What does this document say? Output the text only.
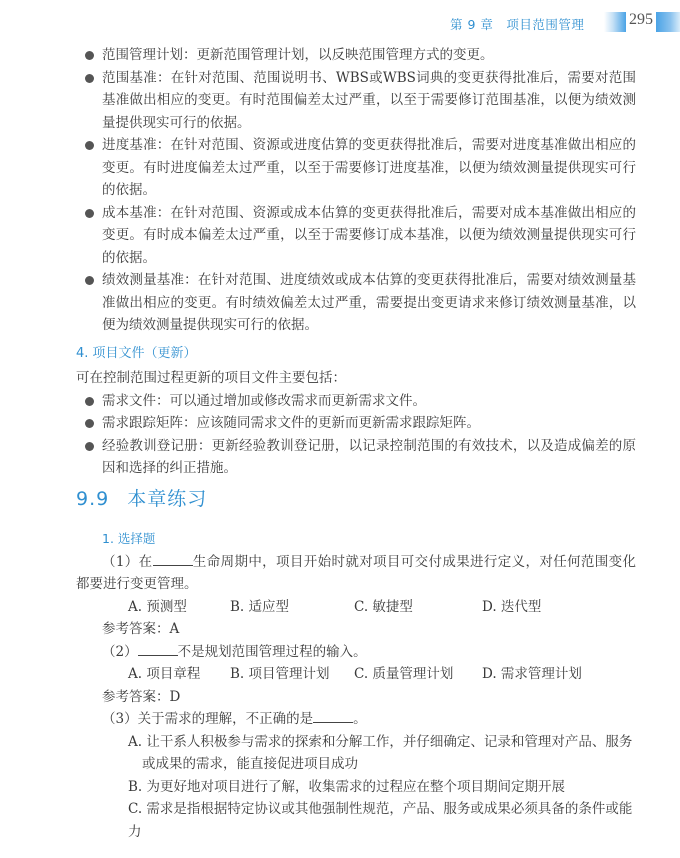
第 9 章　项目范围管理	295
范围管理计划：更新范围管理计划，以反映范围管理方式的变更。
范围基准：在针对范围、范围说明书、WBS或WBS词典的变更获得批准后，需要对范围基准做出相应的变更。有时范围偏差太过严重，以至于需要修订范围基准，以便为绩效测量提供现实可行的依据。
进度基准：在针对范围、资源或进度估算的变更获得批准后，需要对进度基准做出相应的变更。有时进度偏差太过严重，以至于需要修订进度基准，以便为绩效测量提供现实可行的依据。
成本基准：在针对范围、资源或成本估算的变更获得批准后，需要对成本基准做出相应的变更。有时成本偏差太过严重，以至于需要修订成本基准，以便为绩效测量提供现实可行的依据。
绩效测量基准：在针对范围、进度绩效或成本估算的变更获得批准后，需要对绩效测量基准做出相应的变更。有时绩效偏差太过严重，需要提出变更请求来修订绩效测量基准，以便为绩效测量提供现实可行的依据。
4. 项目文件（更新）
可在控制范围过程更新的项目文件主要包括：
需求文件：可以通过增加或修改需求而更新需求文件。
需求跟踪矩阵：应该随同需求文件的更新而更新需求跟踪矩阵。
经验教训登记册：更新经验教训登记册，以记录控制范围的有效技术，以及造成偏差的原因和选择的纠正措施。
9.9 本章练习
1. 选择题
（1）在	生命周期中，项目开始时就对项目可交付成果进行定义，对任何范围变化都要进行变更管理。
A. 预测型	B. 适应型	C. 敏捷型	D. 迭代型
参考答案：A
（2）	不是规划范围管理过程的输入。
A. 项目章程	B. 项目管理计划	C. 质量管理计划	D. 需求管理计划
参考答案：D
（3）关于需求的理解，不正确的是	。
A. 让干系人积极参与需求的探索和分解工作，并仔细确定、记录和管理对产品、服务
或成果的需求，能直接促进项目成功
B. 为更好地对项目进行了解，收集需求的过程应在整个项目期间定期开展
C. 需求是指根据特定协议或其他强制性规范，产品、服务或成果必须具备的条件或能力
